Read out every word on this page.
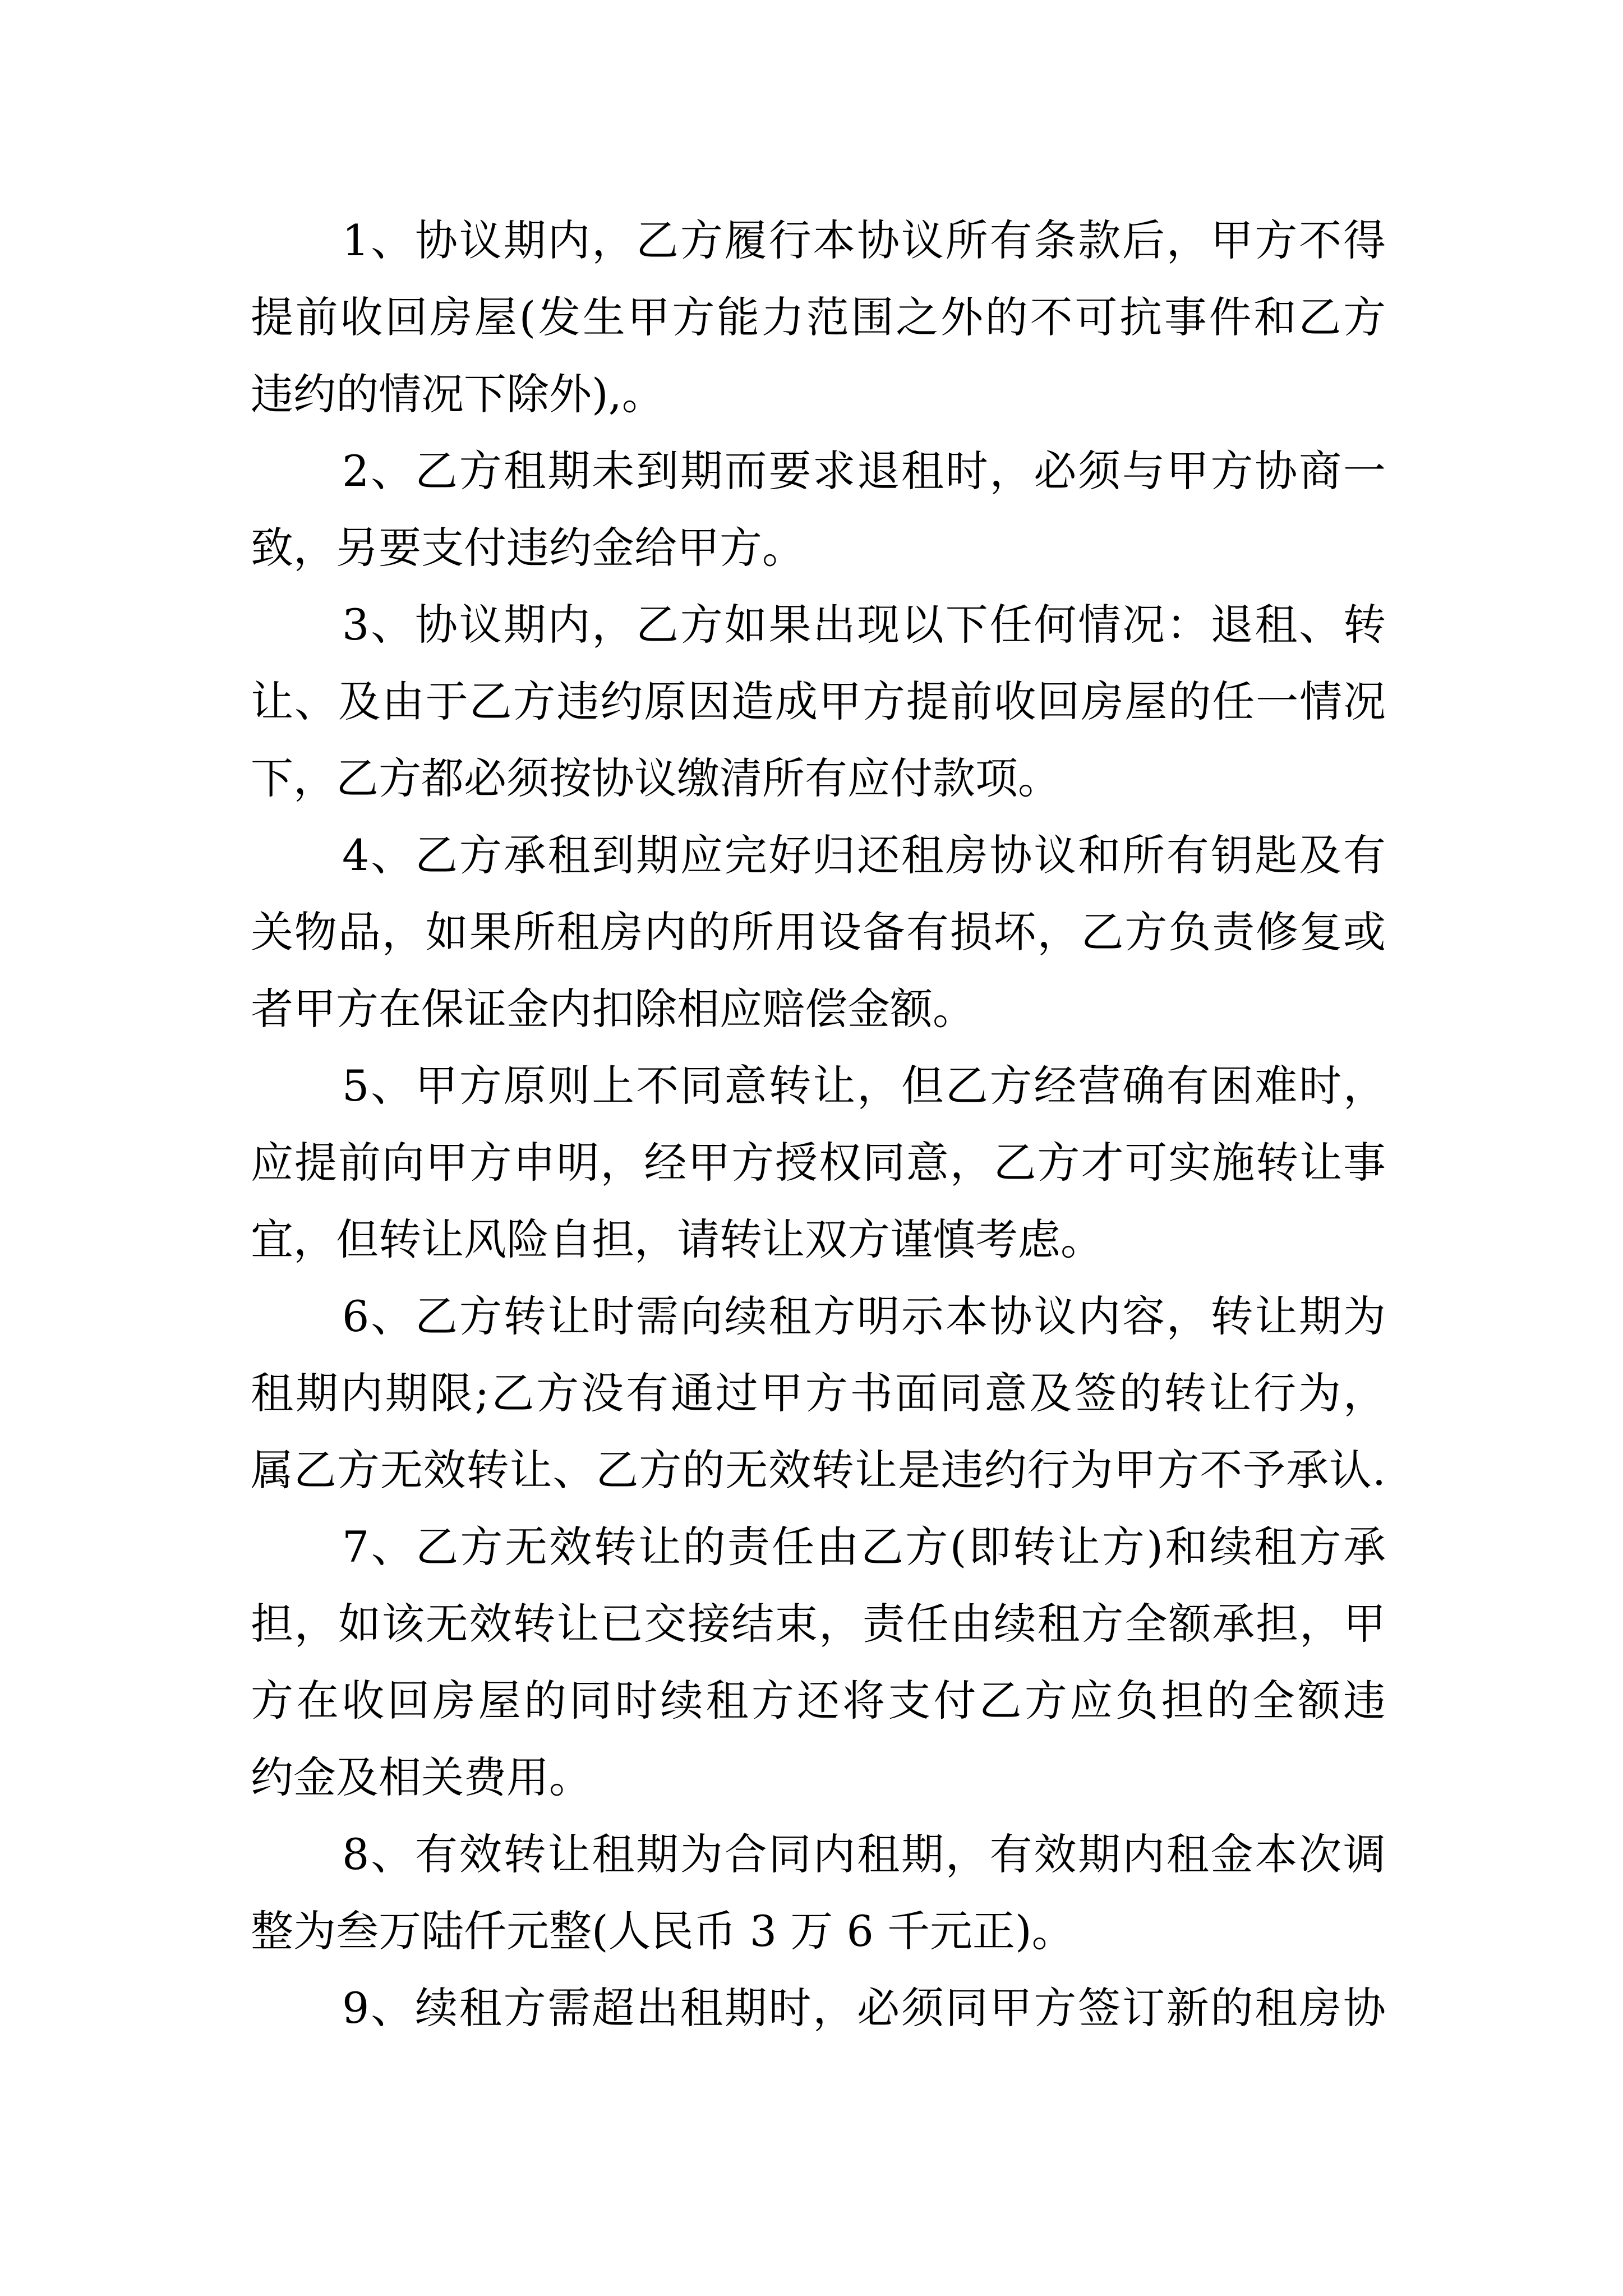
1、协议期内，乙方履行本协议所有条款后，甲方不得
提前收回房屋(发生甲方能力范围之外的不可抗事件和乙方
违约的情况下除外),。
2、乙方租期未到期而要求退租时，必须与甲方协商一
致，另要支付违约金给甲方。
3、协议期内，乙方如果出现以下任何情况：退租、转
让、及由于乙方违约原因造成甲方提前收回房屋的任一情况
下，乙方都必须按协议缴清所有应付款项。
4、乙方承租到期应完好归还租房协议和所有钥匙及有
关物品，如果所租房内的所用设备有损坏，乙方负责修复或
者甲方在保证金内扣除相应赔偿金额。
5、甲方原则上不同意转让，但乙方经营确有困难时，
应提前向甲方申明，经甲方授权同意，乙方才可实施转让事
宜，但转让风险自担，请转让双方谨慎考虑。
6、乙方转让时需向续租方明示本协议内容，转让期为
租期内期限;乙方没有通过甲方书面同意及签的转让行为，
属乙方无效转让、乙方的无效转让是违约行为甲方不予承认.
7、乙方无效转让的责任由乙方(即转让方)和续租方承
担，如该无效转让已交接结束，责任由续租方全额承担，甲
方在收回房屋的同时续租方还将支付乙方应负担的全额违
约金及相关费用。
8、有效转让租期为合同内租期，有效期内租金本次调
整为叁万陆仟元整(人民币 3 万 6 千元正)。
9、续租方需超出租期时，必须同甲方签订新的租房协
